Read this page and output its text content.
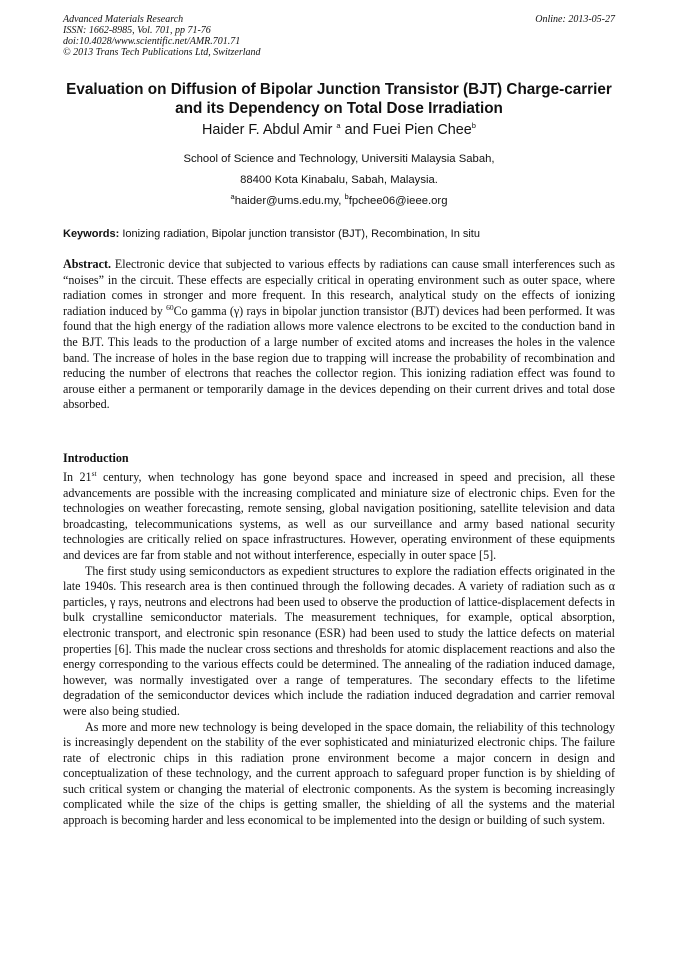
Advanced Materials Research
ISSN: 1662-8985, Vol. 701, pp 71-76
doi:10.4028/www.scientific.net/AMR.701.71
© 2013 Trans Tech Publications Ltd, Switzerland
Online: 2013-05-27
Evaluation on Diffusion of Bipolar Junction Transistor (BJT) Charge-carrier and its Dependency on Total Dose Irradiation
Haider F. Abdul Amir $^a$ and Fuei Pien Chee$^b$
School of Science and Technology, Universiti Malaysia Sabah,
88400 Kota Kinabalu, Sabah, Malaysia.
$^a$haider@ums.edu.my, $^b$fpchee06@ieee.org
Keywords: Ionizing radiation, Bipolar junction transistor (BJT), Recombination, In situ

Abstract. Electronic device that subjected to various effects by radiations can cause small interferences such as “noises” in the circuit. These effects are especially critical in operating environment such as outer space, where radiation comes in stronger and more frequent. In this research, analytical study on the effects of ionizing radiation induced by $^{60}$Co gamma (γ) rays in bipolar junction transistor (BJT) devices had been performed. It was found that the high energy of the radiation allows more valence electrons to be excited to the conduction band in the BJT. This leads to the production of a large number of excited atoms and increases the holes in the valence band. The increase of holes in the base region due to trapping will increase the probability of recombination and reducing the number of electrons that reaches the collector region. This ionizing radiation effect was found to arouse either a permanent or temporarily damage in the devices depending on their current drives and total dose absorbed.

Introduction

In 21st century, when technology has gone beyond space and increased in speed and precision, all these advancements are possible with the increasing complicated and miniature size of electronic chips. Even for the technologies on weather forecasting, remote sensing, global navigation positioning, satellite television and data broadcasting, telecommunications systems, as well as our surveillance and army based national security technologies are critically relied on space infrastructures. However, operating environment of these equipments and devices are far from stable and not without interference, especially in outer space [5].

The first study using semiconductors as expedient structures to explore the radiation effects originated in the late 1940s. This research area is then continued through the following decades. A variety of radiation such as α particles, γ rays, neutrons and electrons had been used to observe the production of lattice-displacement defects in bulk crystalline semiconductor materials. The measurement techniques, for example, optical absorption, electronic transport, and electronic spin resonance (ESR) had been used to study the lattice defects on material properties [6]. This made the nuclear cross sections and thresholds for atomic displacement reactions and also the energy corresponding to the various effects could be determined. The annealing of the radiation induced damage, however, was normally investigated over a range of temperatures. The secondary effects to the lifetime degradation of the semiconductor devices which include the radiation induced degradation and carrier removal were also being studied.

As more and more new technology is being developed in the space domain, the reliability of this technology is increasingly dependent on the stability of the ever sophisticated and miniaturized electronic chips. The failure rate of electronic chips in this radiation prone environment become a major concern in design and conceptualization of these technology, and the current approach to safeguard proper function is by shielding of such critical system or changing the material of electronic components. As the system is becoming increasingly complicated while the size of the chips is getting smaller, the shielding of all the systems and the material approach is becoming harder and less economical to be implemented into the design or building of such system.
